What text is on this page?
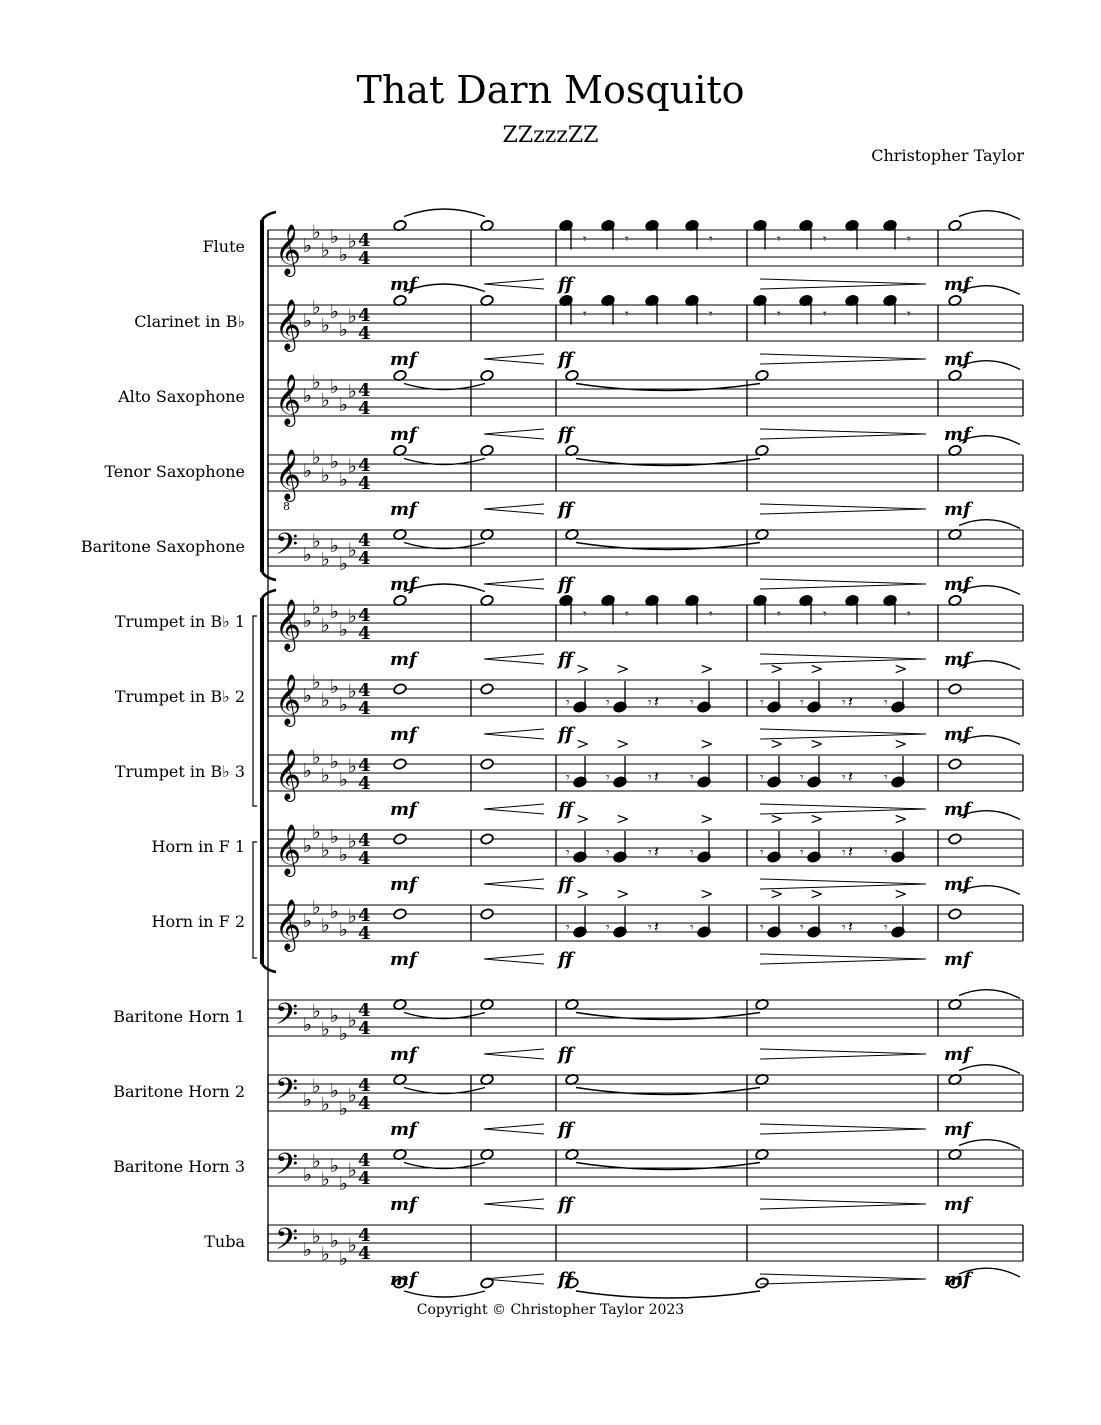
That Darn Mosquito
ZZzzzZZ
Christopher Taylor
Flute
Clarinet in B♭
Alto Saxophone
Tenor Saxophone
Baritone Saxophone
Trumpet in B♭ 1
Trumpet in B♭ 2
Trumpet in B♭ 3
Horn in F 1
Horn in F 2
Baritone Horn 1
Baritone Horn 2
Baritone Horn 3
Tuba
𝄞 ♭
♭
♭
♭
♭
♭ 4
4
𝄾	𝄾	𝄾	𝄾	𝄾	𝄾
mf	ff	mf
𝄞 ♭
♭
♭
♭
♭
♭ 4
4
𝄾	𝄾	𝄾	𝄾	𝄾	𝄾
mf	ff	mf
𝄞 ♭
♭
♭
♭
♭
♭ 4
4
mf	ff	mf
𝄞
8
♭
♭
♭
♭
♭
♭ 4
4
mf	ff	mf
𝄢 ♭
♭
♭
♭
♭
♭ 4
4
mf	ff	mf
𝄞 ♭
♭
♭
♭
♭
♭ 4
4
𝄾	𝄾	𝄾	𝄾	𝄾	𝄾
mf	ff	mf
𝄞 ♭
♭
♭
♭
♭
♭ 4
4	𝄾
>
𝄾
>
𝄾 𝄽 𝄾
>
𝄾
>
𝄾
>
𝄾 𝄽 𝄾
>
mf	ff	mf
𝄞 ♭
♭
♭
♭
♭
♭ 4
4	𝄾
>
𝄾
>
𝄾 𝄽 𝄾
>
𝄾
>
𝄾
>
𝄾 𝄽 𝄾
>
mf	ff	mf
𝄞 ♭
♭
♭
♭
♭
♭ 4
4	𝄾
>
𝄾
>
𝄾 𝄽 𝄾
>
𝄾
>
𝄾
>
𝄾 𝄽 𝄾
>
mf	ff	mf
𝄞 ♭
♭
♭
♭
♭
♭ 4
4	𝄾
>
𝄾
>
𝄾 𝄽 𝄾
>
𝄾
>
𝄾
>
𝄾 𝄽 𝄾
>
mf	ff	mf
𝄢 ♭
♭
♭
♭
♭
♭ 4
4
mf	ff	mf
𝄢 ♭
♭
♭
♭
♭
♭ 4
4
mf	ff	mf
𝄢 ♭
♭
♭
♭
♭
♭ 4
4
mf	ff	mf
𝄢 ♭
♭
♭
♭
♭
♭ 4
4
mf	ff	mf
Copyright © Christopher Taylor 2023
